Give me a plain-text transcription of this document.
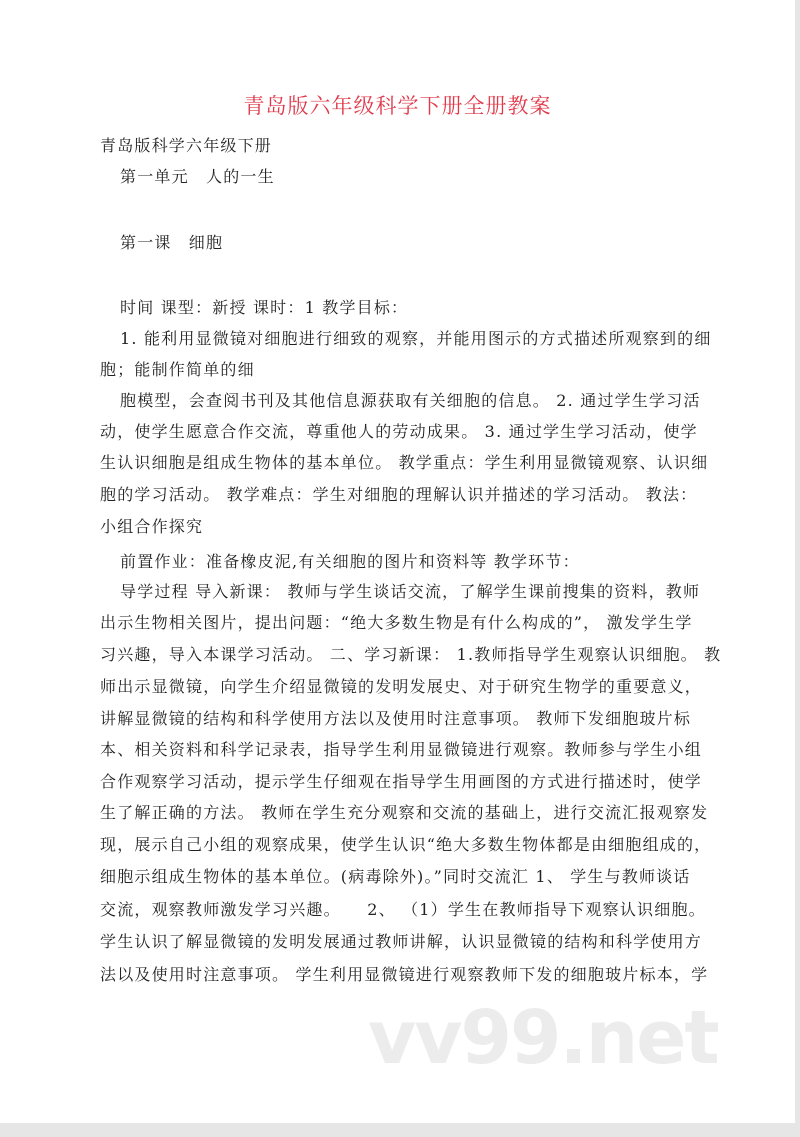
青岛版六年级科学下册全册教案
青岛版科学六年级下册
第一单元　人的一生
第一课　细胞
时间 课型：新授 课时：1 教学目标：
1. 能利用显微镜对细胞进行细致的观察，并能用图示的方式描述所观察到的细
胞；能制作简单的细
胞模型，会查阅书刊及其他信息源获取有关细胞的信息。 2. 通过学生学习活
动，使学生愿意合作交流，尊重他人的劳动成果。 3. 通过学生学习活动，使学
生认识细胞是组成生物体的基本单位。 教学重点：学生利用显微镜观察、认识细
胞的学习活动。 教学难点：学生对细胞的理解认识并描述的学习活动。 教法：
小组合作探究
前置作业：准备橡皮泥,有关细胞的图片和资料等 教学环节：
导学过程 导入新课： 教师与学生谈话交流，了解学生课前搜集的资料，教师
出示生物相关图片，提出问题：“绝大多数生物是有什么构成的”， 激发学生学
习兴趣，导入本课学习活动。 二、学习新课： 1.教师指导学生观察认识细胞。 教
师出示显微镜，向学生介绍显微镜的发明发展史、对于研究生物学的重要意义，
讲解显微镜的结构和科学使用方法以及使用时注意事项。 教师下发细胞玻片标
本、相关资料和科学记录表，指导学生利用显微镜进行观察。教师参与学生小组
合作观察学习活动，提示学生仔细观在指导学生用画图的方式进行描述时，使学
生了解正确的方法。 教师在学生充分观察和交流的基础上，进行交流汇报观察发
现，展示自己小组的观察成果，使学生认识“绝大多数生物体都是由细胞组成的，
细胞示组成生物体的基本单位。(病毒除外)。”同时交流汇 1、 学生与教师谈话
交流，观察教师激发学习兴趣。　　2、 （1）学生在教师指导下观察认识细胞。
学生认识了解显微镜的发明发展通过教师讲解，认识显微镜的结构和科学使用方
法以及使用时注意事项。 学生利用显微镜进行观察教师下发的细胞玻片标本，学
vv99.net
